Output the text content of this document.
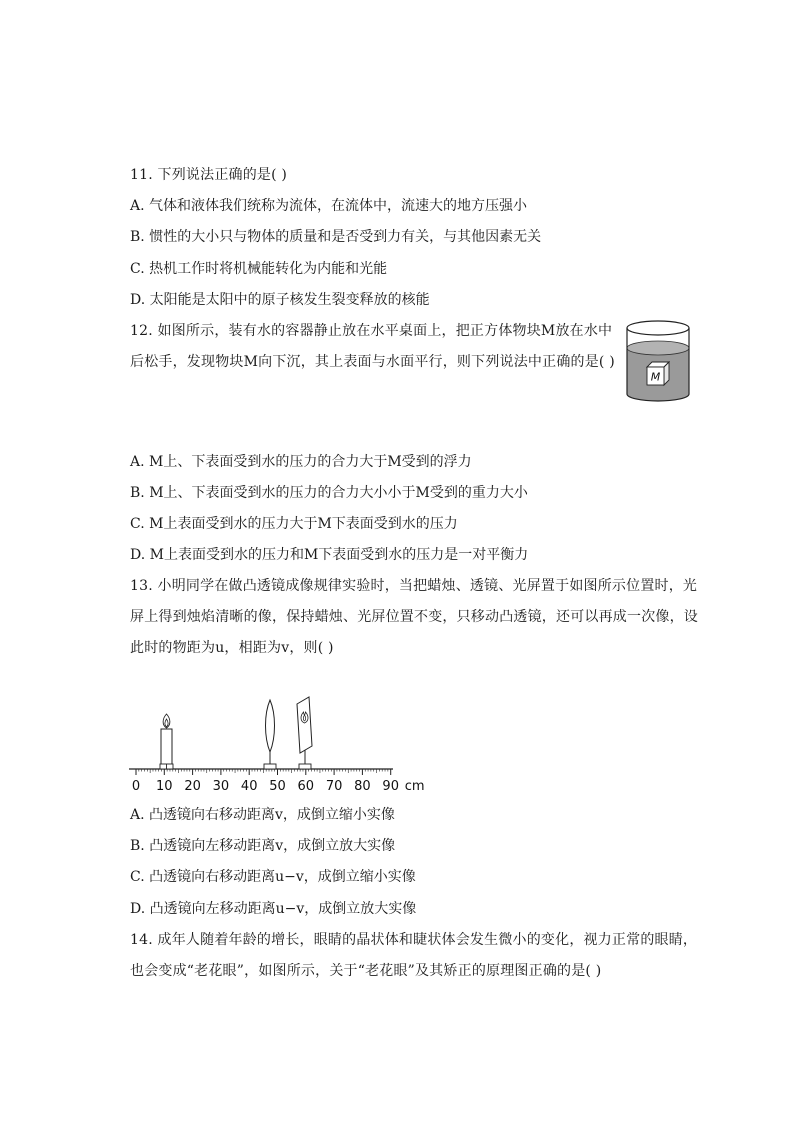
11. 下列说法正确的是( )
A. 气体和液体我们统称为流体，在流体中，流速大的地方压强小
B. 惯性的大小只与物体的质量和是否受到力有关，与其他因素无关
C. 热机工作时将机械能转化为内能和光能
D. 太阳能是太阳中的原子核发生裂变释放的核能
12. 如图所示，装有水的容器静止放在水平桌面上，把正方体物块M放在水中
后松手，发现物块M向下沉，其上表面与水面平行，则下列说法中正确的是( )
M
A. M上、下表面受到水的压力的合力大于M受到的浮力
B. M上、下表面受到水的压力的合力大小小于M受到的重力大小
C. M上表面受到水的压力大于M下表面受到水的压力
D. M上表面受到水的压力和M下表面受到水的压力是一对平衡力
13. 小明同学在做凸透镜成像规律实验时，当把蜡烛、透镜、光屏置于如图所示位置时，光
屏上得到烛焰清晰的像，保持蜡烛、光屏位置不变，只移动凸透镜，还可以再成一次像，设
此时的物距为u，相距为v，则( )
0 10 20 30 40 50 60 70 80 90 cm
A. 凸透镜向右移动距离v，成倒立缩小实像
B. 凸透镜向左移动距离v，成倒立放大实像
C. 凸透镜向右移动距离u−v，成倒立缩小实像
D. 凸透镜向左移动距离u−v，成倒立放大实像
14. 成年人随着年龄的增长，眼睛的晶状体和睫状体会发生微小的变化，视力正常的眼睛，
也会变成“老花眼”，如图所示，关于“老花眼”及其矫正的原理图正确的是( )
